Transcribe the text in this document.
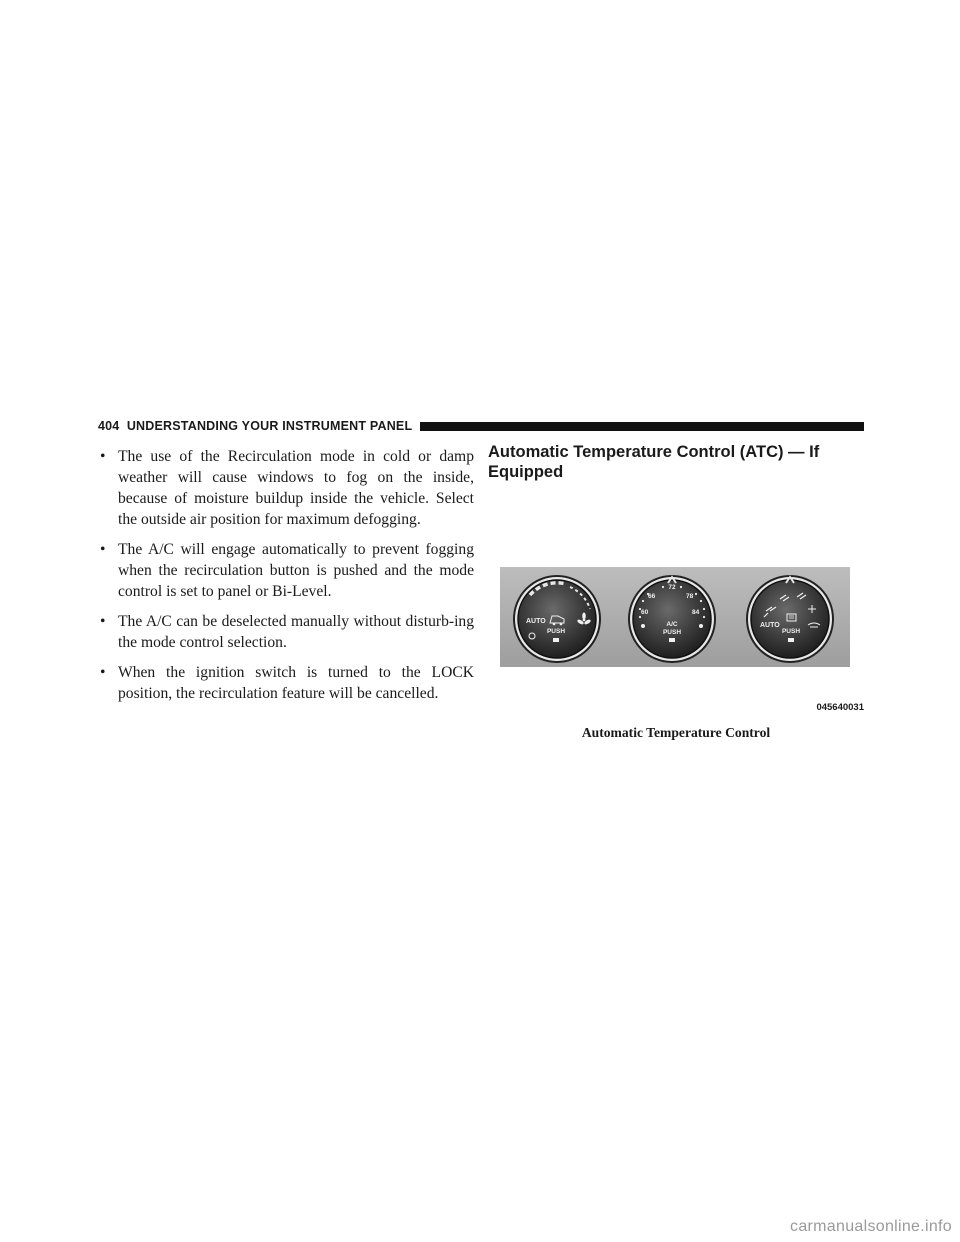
404 UNDERSTANDING YOUR INSTRUMENT PANEL
• The use of the Recirculation mode in cold or damp weather will cause windows to fog on the inside, because of moisture buildup inside the vehicle. Select the outside air position for maximum defogging.
• The A/C will engage automatically to prevent fogging when the recirculation button is pushed and the mode control is set to panel or Bi-Level.
• The A/C can be deselected manually without disturb-ing the mode control selection.
• When the ignition switch is turned to the LOCK position, the recirculation feature will be cancelled.
Automatic Temperature Control (ATC) — If Equipped
AUTO
PUSH
60
66
72
78
84
A/C
PUSH
AUTO
PUSH
045640031
Automatic Temperature Control
carmanualsonline.info
